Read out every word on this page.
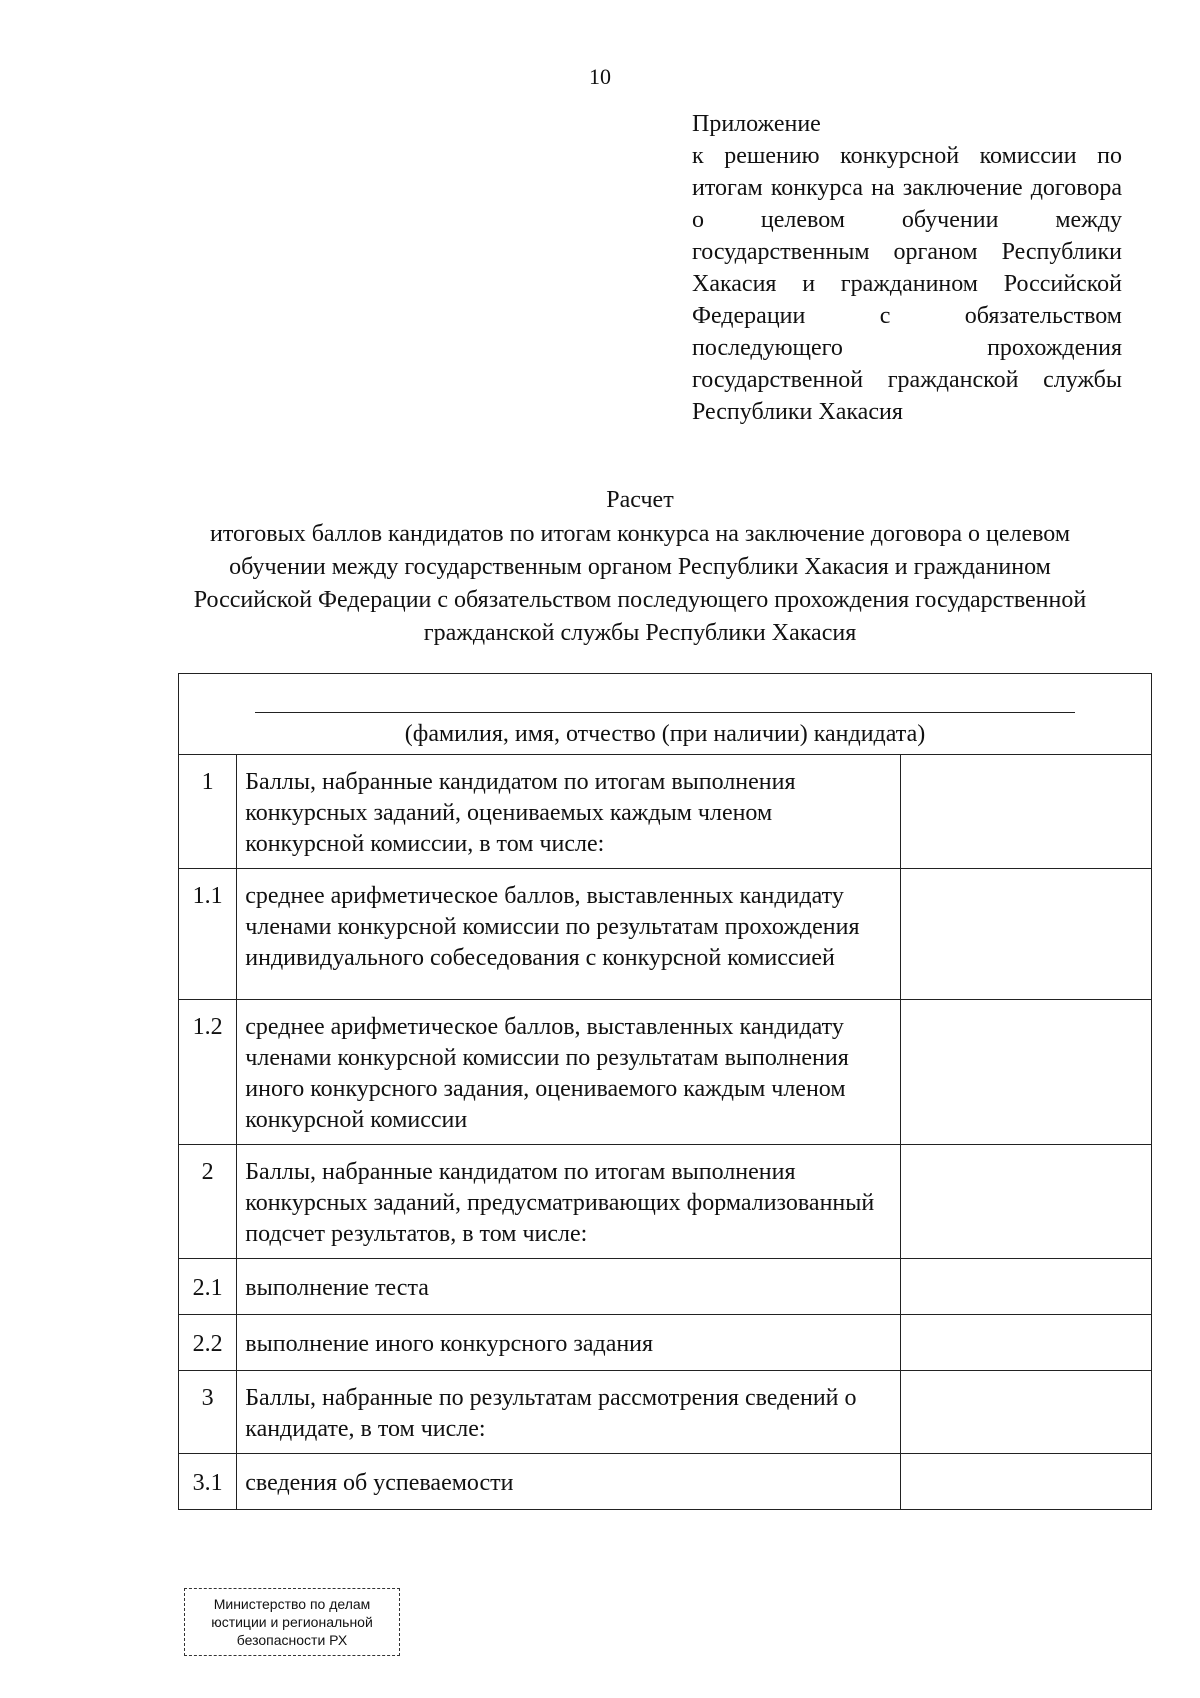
10
Приложение
к решению конкурсной комиссии по итогам конкурса на заключение договора о целевом обучении между государственным органом Республики Хакасия и гражданином Российской Федерации с обязательством последующего прохождения государственной гражданской службы Республики Хакасия
Расчет
итоговых баллов кандидатов по итогам конкурса на заключение договора о целевом обучении между государственным органом Республики Хакасия и гражданином Российской Федерации с обязательством последующего прохождения государственной гражданской службы Республики Хакасия
(фамилия, имя, отчество (при наличии) кандидата)		

1	Баллы, набранные кандидатом по итогам выполнения конкурсных заданий, оцениваемых каждым членом конкурсной комиссии, в том числе:	
1.1	среднее арифметическое баллов, выставленных кандидату членами конкурсной комиссии по результатам прохождения индивидуального собеседования с конкурсной комиссией	
1.2	среднее арифметическое баллов, выставленных кандидату членами конкурсной комиссии по результатам выполнения иного конкурсного задания, оцениваемого каждым членом конкурсной комиссии	
2	Баллы, набранные кандидатом по итогам выполнения конкурсных заданий, предусматривающих формализованный подсчет результатов, в том числе:	
2.1	выполнение теста	
2.2	выполнение иного конкурсного задания	
3	Баллы, набранные по результатам рассмотрения сведений о кандидате, в том числе:	
3.1	сведения об успеваемости	
Министерство по делам
юстиции и региональной
безопасности РХ
